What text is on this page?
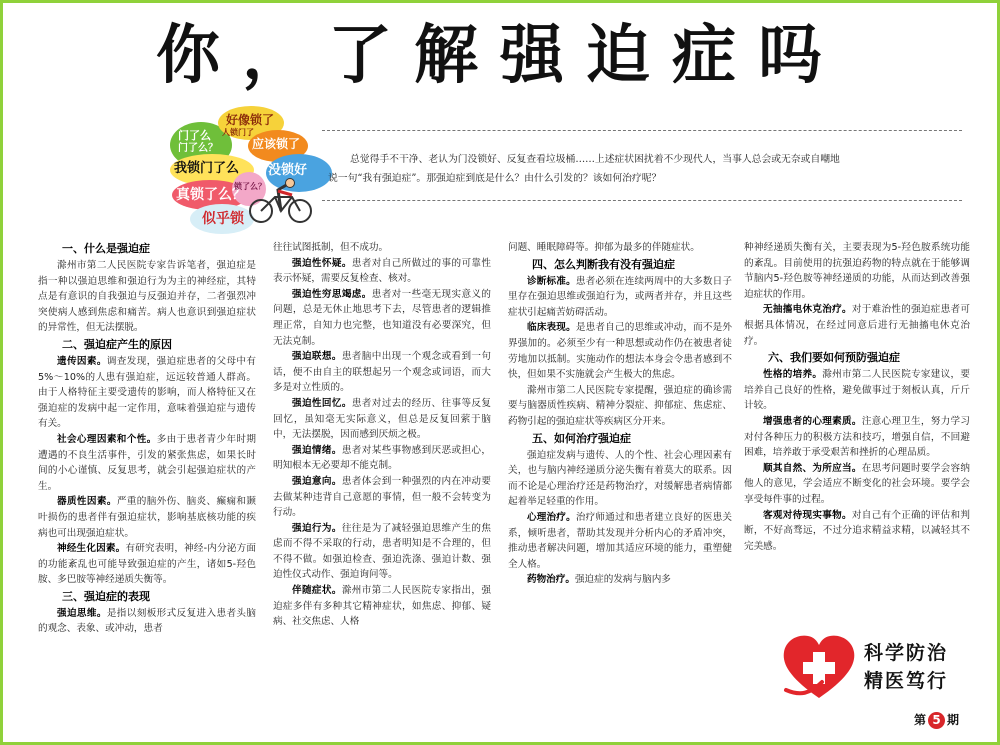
你，了解强迫症吗
好像锁了
应该锁了
没锁好
我锁门了么
真锁了么？
似乎锁
门了么 人锁门了
门了么？
锁了么？
总觉得手不干净、老认为门没锁好、反复查看垃圾桶……上述症状困扰着不少现代人，当事人总会或无奈或自嘲地说一句“我有强迫症”。那强迫症到底是什么？由什么引发的？该如何治疗呢？
一、什么是强迫症

滁州市第二人民医院专家告诉笔者，强迫症是指一种以强迫思维和强迫行为为主的神经症，其特点是有意识的自我强迫与反强迫并存，二者强烈冲突使病人感到焦虑和痛苦。病人也意识到强迫症状的异常性，但无法摆脱。

二、强迫症产生的原因

遗传因素。调查发现，强迫症患者的父母中有5%～10%的人患有强迫症，远远较普通人群高。由于人格特征主要受遗传的影响，而人格特征又在强迫症的发病中起一定作用，意味着强迫症与遗传有关。

社会心理因素和个性。多由于患者青少年时期遭遇的不良生活事件，引发的紧张焦虑，如果长时间的小心谨慎、反复思考，就会引起强迫症状的产生。

器质性因素。严重的脑外伤、脑炎、癫痫和颞叶损伤的患者伴有强迫症状，影响基底核功能的疾病也可出现强迫症状。

神经生化因素。有研究表明，神经-内分泌方面的功能紊乱也可能导致强迫症的产生，诸如5-羟色胺、多巴胺等神经递质失衡等。

三、强迫症的表现

强迫思维。是指以刻板形式反复进入患者头脑的观念、表象、或冲动，患者

往往试图抵制，但不成功。

强迫性怀疑。患者对自己所做过的事的可靠性表示怀疑，需要反复检查、核对。

强迫性穷思竭虑。患者对一些毫无现实意义的问题，总是无休止地思考下去，尽管患者的逻辑推理正常，自知力也完整，也知道没有必要深究，但无法克制。

强迫联想。患者脑中出现一个观念或看到一句话，便不由自主的联想起另一个观念或词语，而大多是对立性质的。

强迫性回忆。患者对过去的经历、往事等反复回忆，虽知毫无实际意义，但总是反复回萦于脑中，无法摆脱，因而感到厌烦之极。

强迫情绪。患者对某些事物感到厌恶或担心，明知根本无必要却不能克制。

强迫意向。患者体会到一种强烈的内在冲动要去做某种违背自己意愿的事情，但一般不会转变为行动。

强迫行为。往往是为了减轻强迫思维产生的焦虑而不得不采取的行动，患者明知是不合理的，但不得不做。如强迫检查、强迫洗涤、强迫计数、强迫性仪式动作、强迫询问等。

伴随症状。滁州市第二人民医院专家指出，强迫症多伴有多种其它精神症状，如焦虑、抑郁、疑病、社交焦虑、人格

问题、睡眠障碍等。抑郁为最多的伴随症状。

四、怎么判断我有没有强迫症

诊断标准。患者必须在连续两周中的大多数日子里存在强迫思维或强迫行为，或两者并存，并且这些症状引起痛苦妨碍活动。

临床表现。是患者自己的思维或冲动，而不是外界强加的。必须至少有一种思想或动作仍在被患者徒劳地加以抵制。实施动作的想法本身会令患者感到不快，但如果不实施就会产生极大的焦虑。

滁州市第二人民医院专家提醒，强迫症的确诊需要与脑器质性疾病、精神分裂症、抑郁症、焦虑症、药物引起的强迫症状等疾病区分开来。

五、如何治疗强迫症

强迫症发病与遗传、人的个性、社会心理因素有关，也与脑内神经递质分泌失衡有着莫大的联系。因而不论是心理治疗还是药物治疗，对缓解患者病情都起着举足轻重的作用。

心理治疗。治疗师通过和患者建立良好的医患关系，倾听患者，帮助其发现并分析内心的矛盾冲突，推动患者解决问题，增加其适应环境的能力，重塑健全人格。

药物治疗。强迫症的发病与脑内多

种神经递质失衡有关，主要表现为5-羟色胺系统功能的紊乱。目前使用的抗强迫药物的特点就在于能够调节脑内5-羟色胺等神经递质的功能，从而达到改善强迫症状的作用。

无抽搐电休克治疗。对于难治性的强迫症患者可根据具体情况，在经过同意后进行无抽搐电休克治疗。

六、我们要如何预防强迫症

性格的培养。滁州市第二人民医院专家建议，要培养自己良好的性格，避免做事过于刻板认真，斤斤计较。

增强患者的心理素质。注意心理卫生，努力学习对付各种压力的积极方法和技巧，增强自信，不回避困难，培养敢于承受艰苦和挫折的心理品质。

顺其自然、为所应当。在思考问题时要学会容纳他人的意见，学会适应不断变化的社会环境。要学会享受每件事的过程。

客观对待现实事物。对自己有个正确的评估和判断，不好高骛远，不过分追求精益求精，以减轻其不完美感。

科学防治
精医笃行
第 5 期
